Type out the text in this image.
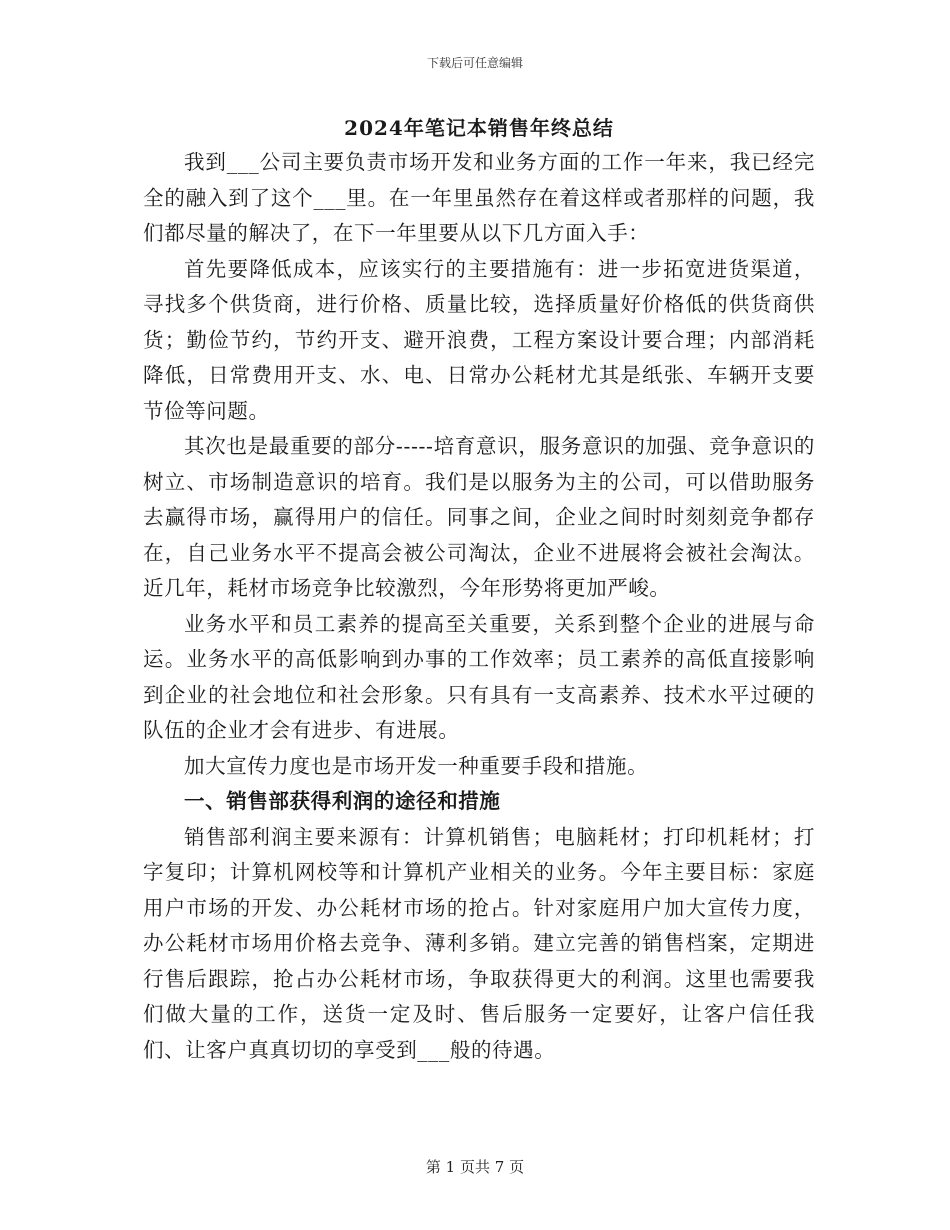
下载后可任意编辑
2024年笔记本销售年终总结

我到___公司主要负责市场开发和业务方面的工作一年来，我已经完全的融入到了这个___里。在一年里虽然存在着这样或者那样的问题，我们都尽量的解决了，在下一年里要从以下几方面入手：

首先要降低成本，应该实行的主要措施有：进一步拓宽进货渠道，寻找多个供货商，进行价格、质量比较，选择质量好价格低的供货商供货；勤俭节约，节约开支、避开浪费，工程方案设计要合理；内部消耗降低，日常费用开支、水、电、日常办公耗材尤其是纸张、车辆开支要节俭等问题。

其次也是最重要的部分-----培育意识，服务意识的加强、竞争意识的树立、市场制造意识的培育。我们是以服务为主的公司，可以借助服务去赢得市场，赢得用户的信任。同事之间，企业之间时时刻刻竞争都存在，自己业务水平不提高会被公司淘汰，企业不进展将会被社会淘汰。近几年，耗材市场竞争比较激烈，今年形势将更加严峻。

业务水平和员工素养的提高至关重要，关系到整个企业的进展与命运。业务水平的高低影响到办事的工作效率；员工素养的高低直接影响到企业的社会地位和社会形象。只有具有一支高素养、技术水平过硬的队伍的企业才会有进步、有进展。

加大宣传力度也是市场开发一种重要手段和措施。

一、销售部获得利润的途径和措施

销售部利润主要来源有：计算机销售；电脑耗材；打印机耗材；打字复印；计算机网校等和计算机产业相关的业务。今年主要目标：家庭用户市场的开发、办公耗材市场的抢占。针对家庭用户加大宣传力度，办公耗材市场用价格去竞争、薄利多销。建立完善的销售档案，定期进行售后跟踪，抢占办公耗材市场，争取获得更大的利润。这里也需要我们做大量的工作，送货一定及时、售后服务一定要好，让客户信任我们、让客户真真切切的享受到___般的待遇。

第 1 页共 7 页
